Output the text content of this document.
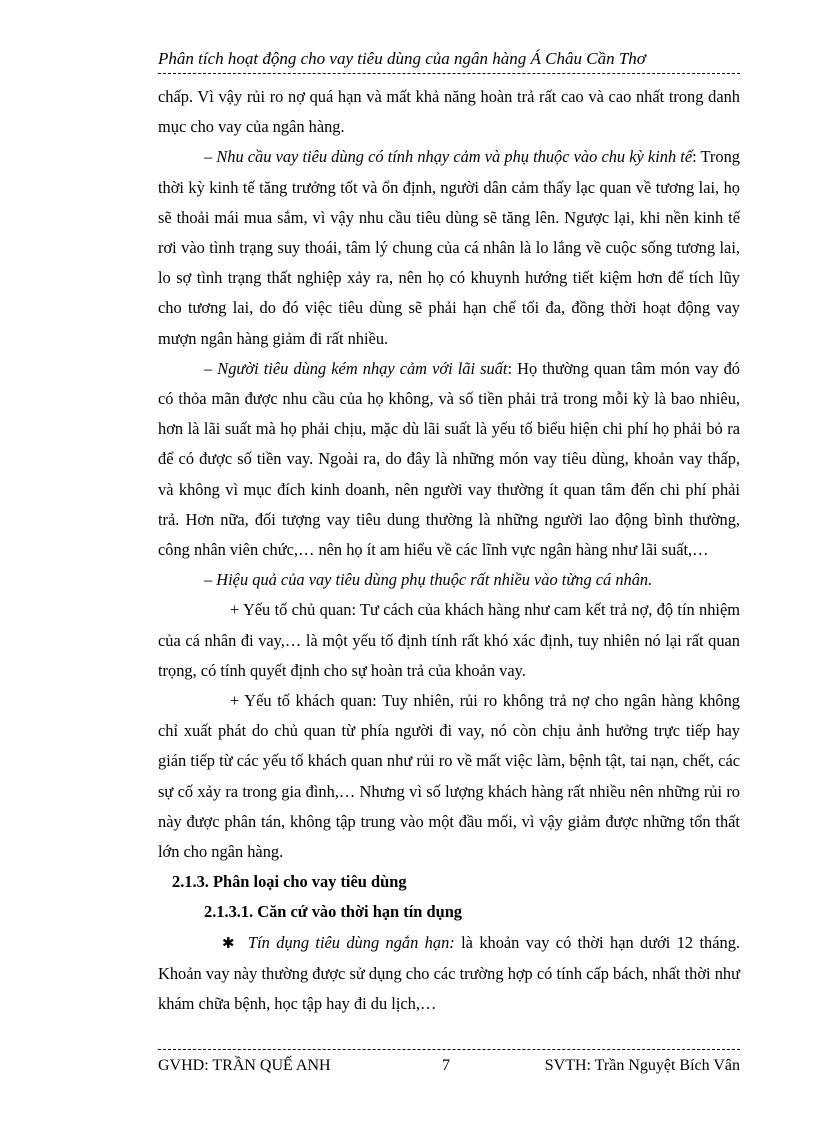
Phân tích hoạt động cho vay tiêu dùng của ngân hàng Á Châu Cần Thơ

chấp. Vì vậy rủi ro nợ quá hạn và mất khả năng hoàn trả rất cao và cao nhất trong danh mục cho vay của ngân hàng.

– Nhu cầu vay tiêu dùng có tính nhạy cảm và phụ thuộc vào chu kỳ kinh tế: Trong thời kỳ kinh tế tăng trưởng tốt và ổn định, người dân cảm thấy lạc quan về tương lai, họ sẽ thoải mái mua sắm, vì vậy nhu cầu tiêu dùng sẽ tăng lên. Ngược lại, khi nền kinh tế rơi vào tình trạng suy thoái, tâm lý chung của cá nhân là lo lắng về cuộc sống tương lai, lo sợ tình trạng thất nghiệp xảy ra, nên họ có khuynh hướng tiết kiệm hơn để tích lũy cho tương lai, do đó việc tiêu dùng sẽ phải hạn chế tối đa, đồng thời hoạt động vay mượn ngân hàng giảm đi rất nhiều.

– Người tiêu dùng kém nhạy cảm với lãi suất: Họ thường quan tâm món vay đó có thỏa mãn được nhu cầu của họ không, và số tiền phải trả trong mỗi kỳ là bao nhiêu, hơn là lãi suất mà họ phải chịu, mặc dù lãi suất là yếu tố biểu hiện chi phí họ phải bỏ ra để có được số tiền vay. Ngoài ra, do đây là những món vay tiêu dùng, khoản vay thấp, và không vì mục đích kinh doanh, nên người vay thường ít quan tâm đến chi phí phải trả. Hơn nữa, đối tượng vay tiêu dung thường là những người lao động bình thường, công nhân viên chức,… nên họ ít am hiểu về các lĩnh vực ngân hàng như lãi suất,…

– Hiệu quả của vay tiêu dùng phụ thuộc rất nhiều vào từng cá nhân.

+ Yếu tố chủ quan: Tư cách của khách hàng như cam kết trả nợ, độ tín nhiệm của cá nhân đi vay,… là một yếu tố định tính rất khó xác định, tuy nhiên nó lại rất quan trọng, có tính quyết định cho sự hoàn trả của khoản vay.

+ Yếu tố khách quan: Tuy nhiên, rủi ro không trả nợ cho ngân hàng không chỉ xuất phát do chủ quan từ phía người đi vay, nó còn chịu ảnh hưởng trực tiếp hay gián tiếp từ các yếu tố khách quan như rủi ro về mất việc làm, bệnh tật, tai nạn, chết, các sự cố xảy ra trong gia đình,… Nhưng vì số lượng khách hàng rất nhiều nên những rủi ro này được phân tán, không tập trung vào một đầu mối, vì vậy giảm được những tổn thất lớn cho ngân hàng.

2.1.3. Phân loại cho vay tiêu dùng

2.1.3.1. Căn cứ vào thời hạn tín dụng

✱ Tín dụng tiêu dùng ngắn hạn: là khoản vay có thời hạn dưới 12 tháng. Khoản vay này thường được sử dụng cho các trường hợp có tính cấp bách, nhất thời như khám chữa bệnh, học tập hay đi du lịch,…

GVHD: TRẦN QUẾ ANH	7	SVTH: Trần Nguyệt Bích Vân
